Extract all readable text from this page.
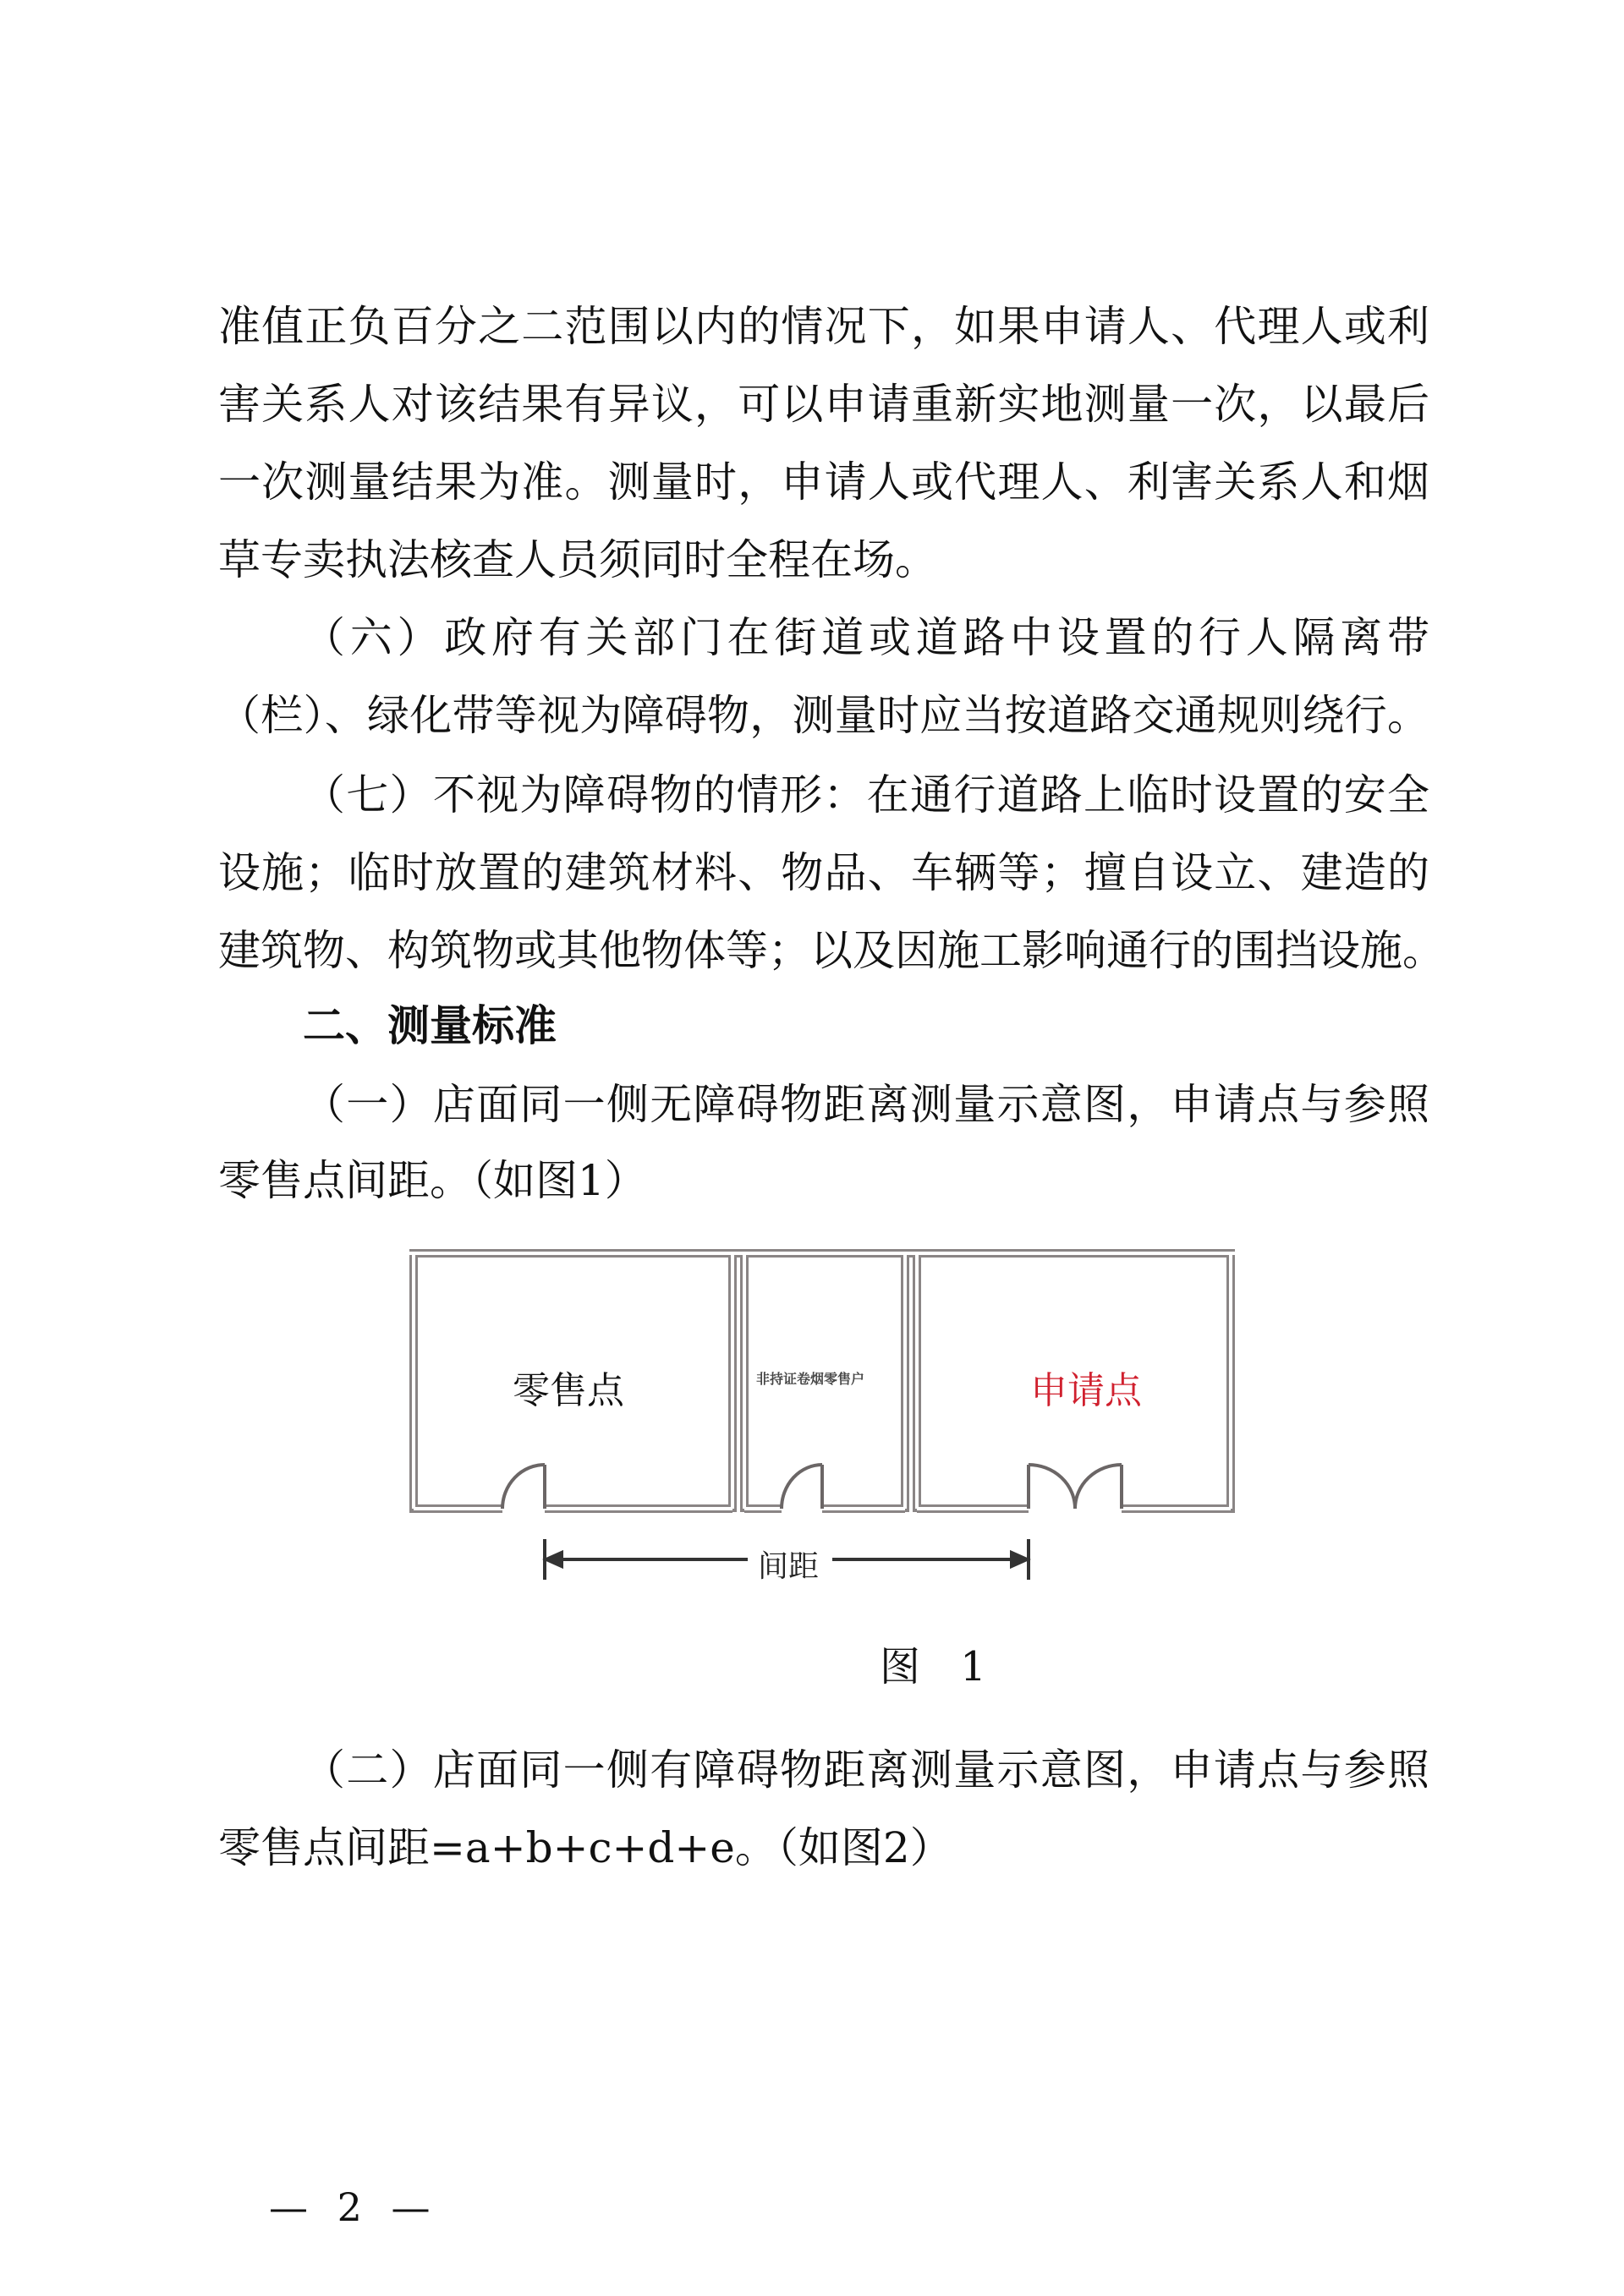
准值正负百分之二范围以内的情况下，如果申请人、代理人或利
害关系人对该结果有异议，可以申请重新实地测量一次，以最后
一次测量结果为准。测量时，申请人或代理人、利害关系人和烟
草专卖执法核查人员须同时全程在场。
（六）政府有关部门在街道或道路中设置的行人隔离带
（栏）、绿化带等视为障碍物，测量时应当按道路交通规则绕行。
（七）不视为障碍物的情形：在通行道路上临时设置的安全
设施；临时放置的建筑材料、物品、车辆等；擅自设立、建造的
建筑物、构筑物或其他物体等；以及因施工影响通行的围挡设施。
二、测量标准
（一）店面同一侧无障碍物距离测量示意图，申请点与参照
零售点间距。（如图1）
零售点	非持证卷烟零售户	申请点
间距
图 1
（二）店面同一侧有障碍物距离测量示意图，申请点与参照
零售点间距=a+b+c+d+e。（如图2）
— 2 —
